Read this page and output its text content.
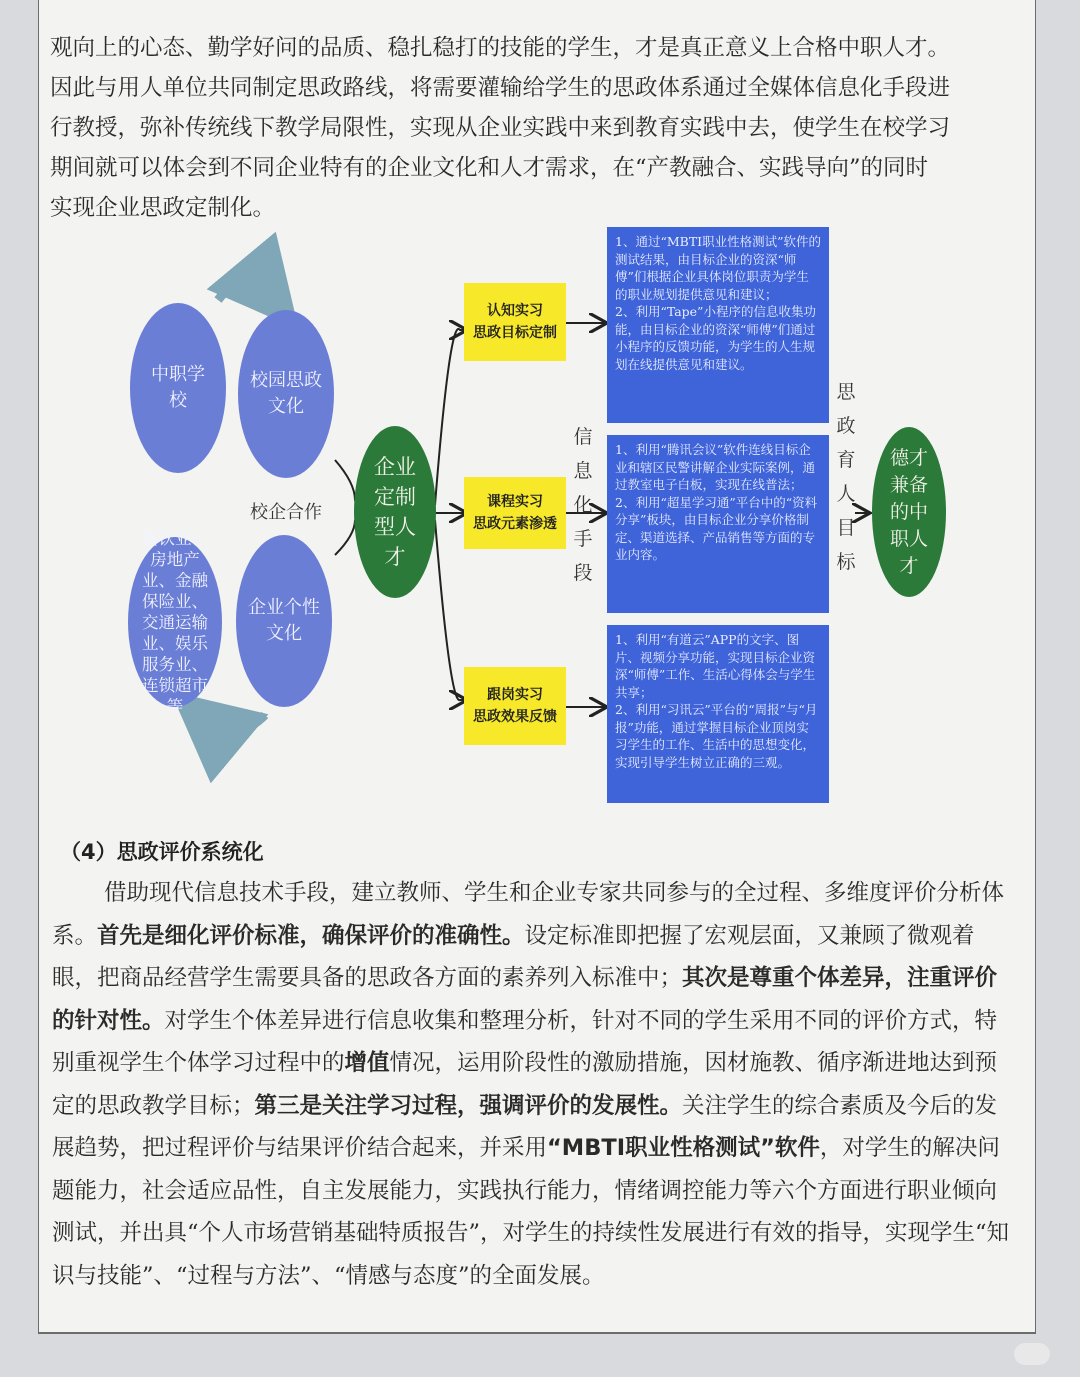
观向上的心态、勤学好问的品质、稳扎稳打的技能的学生，才是真正意义上合格中职人才。

因此与用人单位共同制定思政路线，将需要灌输给学生的思政体系通过全媒体信息化手段进

行教授，弥补传统线下教学局限性，实现从企业实践中来到教育实践中去，使学生在校学习

期间就可以体会到不同企业特有的企业文化和人才需求，在“产教融合、实践导向”的同时

实现企业思政定制化。

中职学校
校园思政文化
校企合作
餐饮业、房地产业、金融保险业、交通运输业、娱乐服务业、连锁超市等
企业个性文化
企业定制型人才
认知实习
思政目标定制
课程实习
思政元素渗透
跟岗实习
思政效果反馈
信息化手段
1、通过“MBTI职业性格测试”软件的测试结果，由目标企业的资深“师傅”们根据企业具体岗位职责为学生的职业规划提供意见和建议；
2、利用“Tape”小程序的信息收集功能，由目标企业的资深“师傅”们通过小程序的反馈功能，为学生的人生规划在线提供意见和建议。
1、利用“腾讯会议”软件连线目标企业和辖区民警讲解企业实际案例，通过教室电子白板，实现在线普法；
2、利用“超星学习通”平台中的“资料分享”板块，由目标企业分享价格制定、渠道选择、产品销售等方面的专业内容。
1、利用“有道云”APP的文字、图片、视频分享功能，实现目标企业资深“师傅”工作、生活心得体会与学生共享；
2、利用“习讯云”平台的“周报”与“月报”功能，通过掌握目标企业顶岗实习学生的工作、生活中的思想变化，实现引导学生树立正确的三观。
思政育人目标
德才兼备的中职人才
（4）思政评价系统化
借助现代信息技术手段，建立教师、学生和企业专家共同参与的全过程、多维度评价分析体系。首先是细化评价标准，确保评价的准确性。设定标准即把握了宏观层面，又兼顾了微观着眼，把商品经营学生需要具备的思政各方面的素养列入标准中；其次是尊重个体差异，注重评价的针对性。对学生个体差异进行信息收集和整理分析，针对不同的学生采用不同的评价方式，特别重视学生个体学习过程中的增值情况，运用阶段性的激励措施，因材施教、循序渐进地达到预定的思政教学目标；第三是关注学习过程，强调评价的发展性。关注学生的综合素质及今后的发展趋势，把过程评价与结果评价结合起来，并采用“MBTI职业性格测试”软件，对学生的解决问题能力，社会适应品性，自主发展能力，实践执行能力，情绪调控能力等六个方面进行职业倾向测试，并出具“个人市场营销基础特质报告”，对学生的持续性发展进行有效的指导，实现学生“知识与技能”、“过程与方法”、“情感与态度”的全面发展。
